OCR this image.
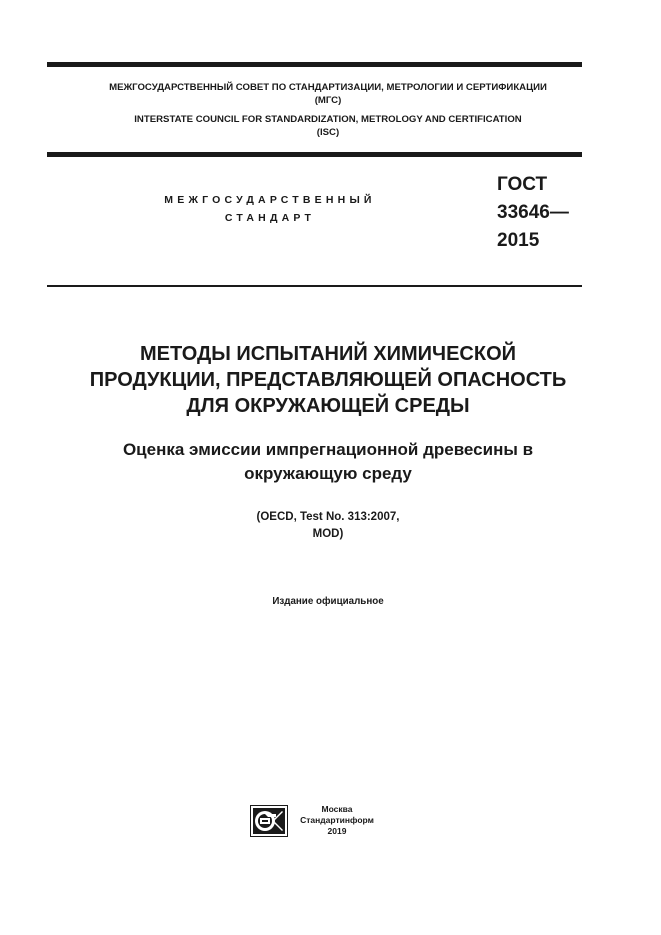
МЕЖГОСУДАРСТВЕННЫЙ СОВЕТ ПО СТАНДАРТИЗАЦИИ, МЕТРОЛОГИИ И СЕРТИФИКАЦИИ
(МГС)
INTERSTATE COUNCIL FOR STANDARDIZATION, METROLOGY AND CERTIFICATION
(ISC)
МЕЖГОСУДАРСТВЕННЫЙ
СТАНДАРТ
ГОСТ
33646—
2015
МЕТОДЫ ИСПЫТАНИЙ ХИМИЧЕСКОЙ
ПРОДУКЦИИ, ПРЕДСТАВЛЯЮЩЕЙ ОПАСНОСТЬ
ДЛЯ ОКРУЖАЮЩЕЙ СРЕДЫ
Оценка эмиссии импрегнационной древесины в
окружающую среду
(OECD, Test No. 313:2007,
MOD)
Издание официальное
Москва
Стандартинформ
2019
